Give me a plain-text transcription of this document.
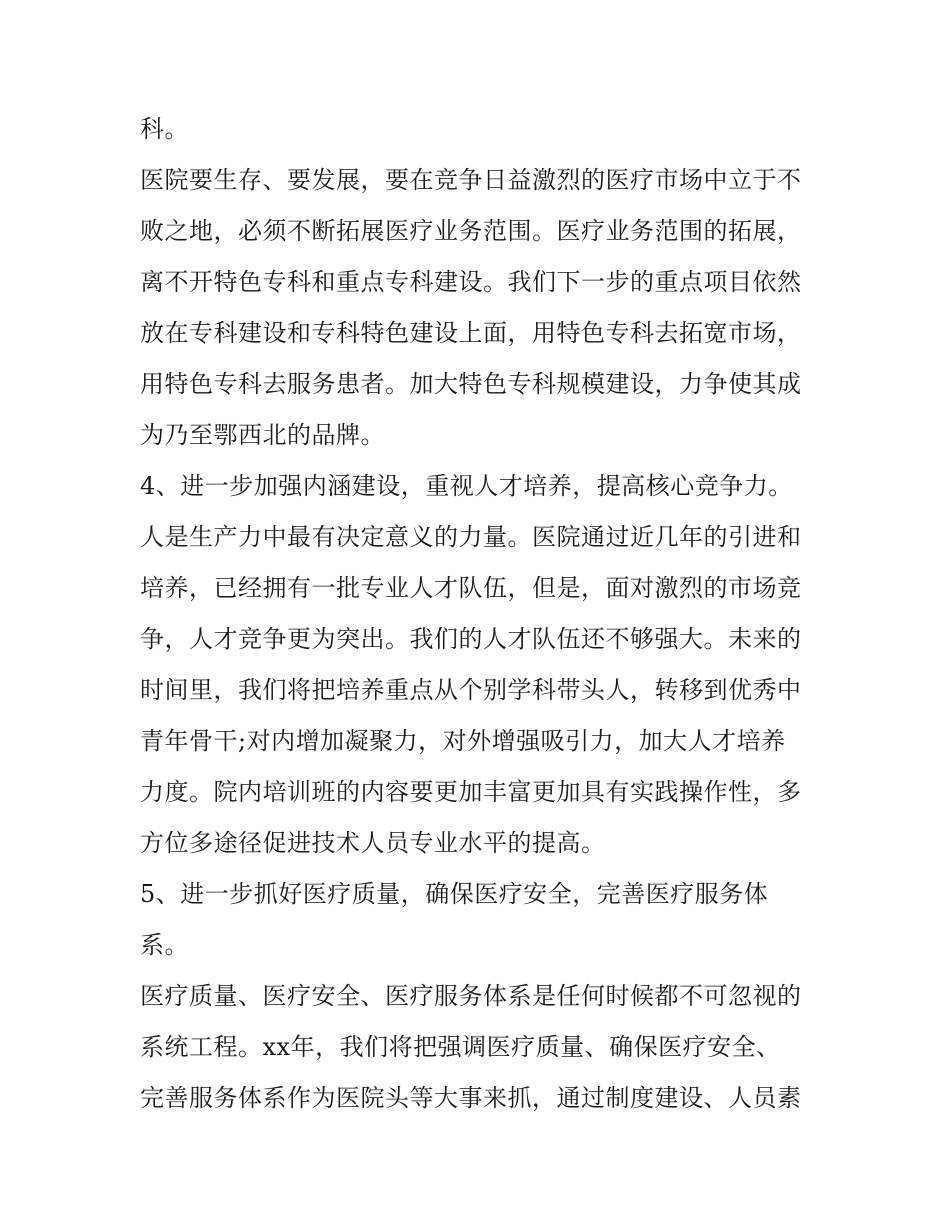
科。
医院要生存、要发展，要在竞争日益激烈的医疗市场中立于不
败之地，必须不断拓展医疗业务范围。医疗业务范围的拓展，
离不开特色专科和重点专科建设。我们下一步的重点项目依然
放在专科建设和专科特色建设上面，用特色专科去拓宽市场，
用特色专科去服务患者。加大特色专科规模建设，力争使其成
为乃至鄂西北的品牌。
4、进一步加强内涵建设，重视人才培养，提高核心竞争力。
人是生产力中最有决定意义的力量。医院通过近几年的引进和
培养，已经拥有一批专业人才队伍，但是，面对激烈的市场竞
争，人才竞争更为突出。我们的人才队伍还不够强大。未来的
时间里，我们将把培养重点从个别学科带头人，转移到优秀中
青年骨干;对内增加凝聚力，对外增强吸引力，加大人才培养
力度。院内培训班的内容要更加丰富更加具有实践操作性，多
方位多途径促进技术人员专业水平的提高。
5、进一步抓好医疗质量，确保医疗安全，完善医疗服务体
系。
医疗质量、医疗安全、医疗服务体系是任何时候都不可忽视的
系统工程。xx年，我们将把强调医疗质量、确保医疗安全、
完善服务体系作为医院头等大事来抓，通过制度建设、人员素
